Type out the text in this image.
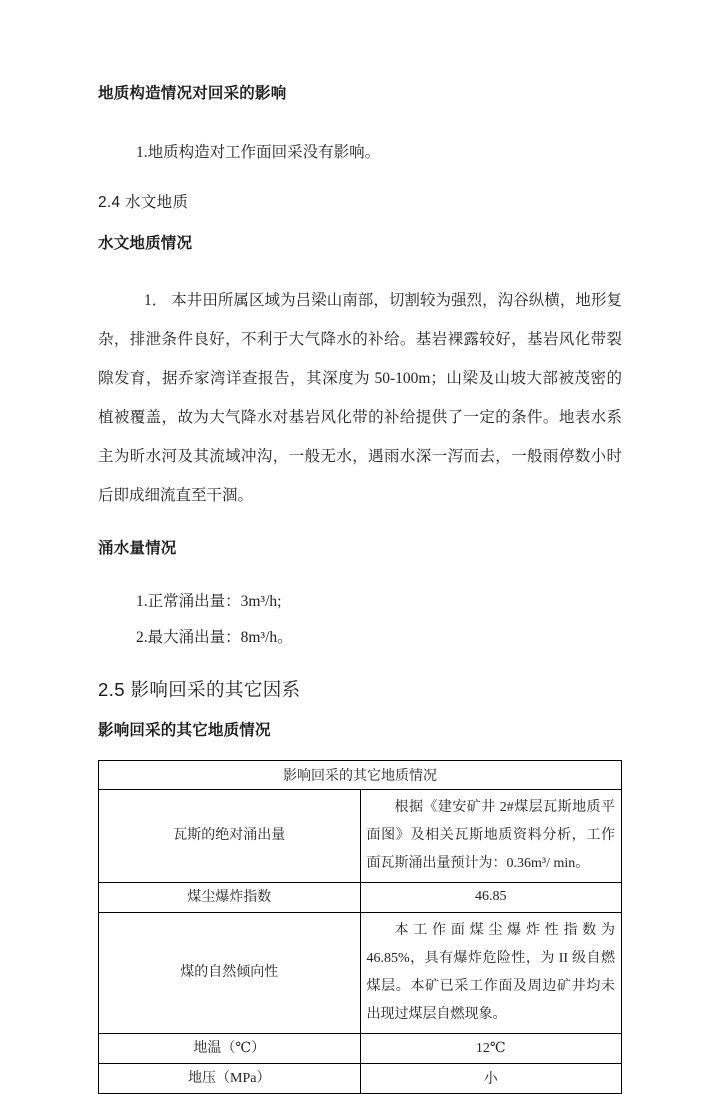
地质构造情况对回采的影响

1.地质构造对工作面回采没有影响。

2.4 水文地质
水文地质情况

1． 本井田所属区域为吕梁山南部，切割较为强烈，沟谷纵横，地形复杂，排泄条件良好，不利于大气降水的补给。基岩裸露较好，基岩风化带裂隙发育，据乔家湾详查报告，其深度为 50-100m；山梁及山坡大部被茂密的植被覆盖，故为大气降水对基岩风化带的补给提供了一定的条件。地表水系主为昕水河及其流域冲沟，一般无水，遇雨水深一泻而去，一般雨停数小时后即成细流直至干涸。

涌水量情况

1.正常涌出量：3m³/h;

2.最大涌出量：8m³/h。

2.5 影响回采的其它因系
影响回采的其它地质情况
影响回采的其它地质情况	
瓦斯的绝对涌出量	根据《建安矿井 2#煤层瓦斯地质平面图》及相关瓦斯地质资料分析，工作面瓦斯涌出量预计为：0.36m³/ min。
煤尘爆炸指数	46.85
煤的自然倾向性	本工作面煤尘爆炸性指数为 46.85%，具有爆炸危险性，为 II 级自燃煤层。本矿已采工作面及周边矿井均未出现过煤层自燃现象。
地温（℃）	12℃
地压（MPa）	小
